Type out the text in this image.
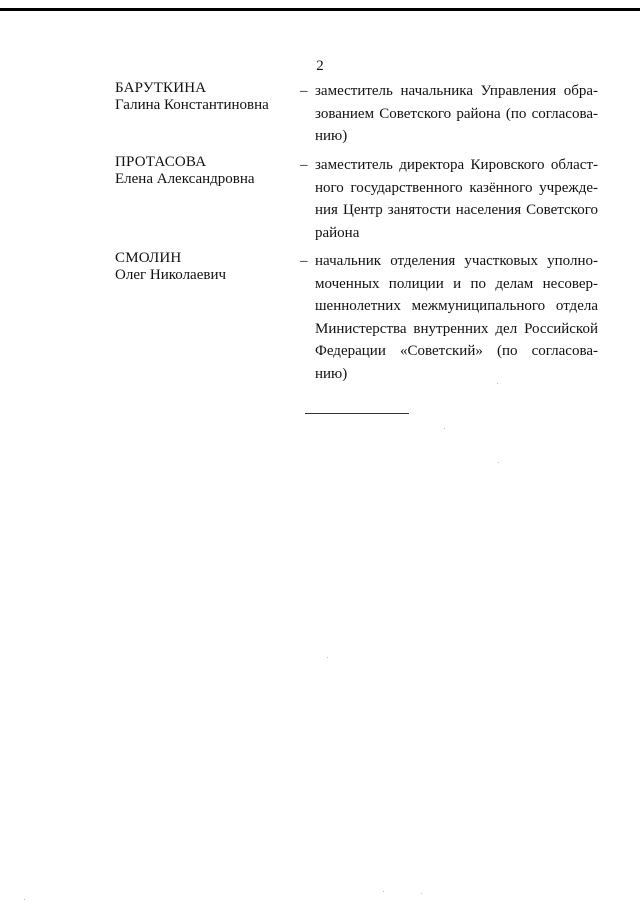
2
БАРУТКИНА
Галина Константиновна
– заместитель начальника Управления обра-
зованием Советского района (по согласова-
нию)
ПРОТАСОВА
Елена Александровна
– заместитель директора Кировского област-
ного государственного казённого учрежде-
ния Центр занятости населения Советского
района
СМОЛИН
Олег Николаевич
– начальник отделения участковых уполно-
моченных полиции и по делам несовер-
шеннолетних межмуниципального отдела
Министерства внутренних дел Российской
Федерации «Советский» (по согласова-
нию)
